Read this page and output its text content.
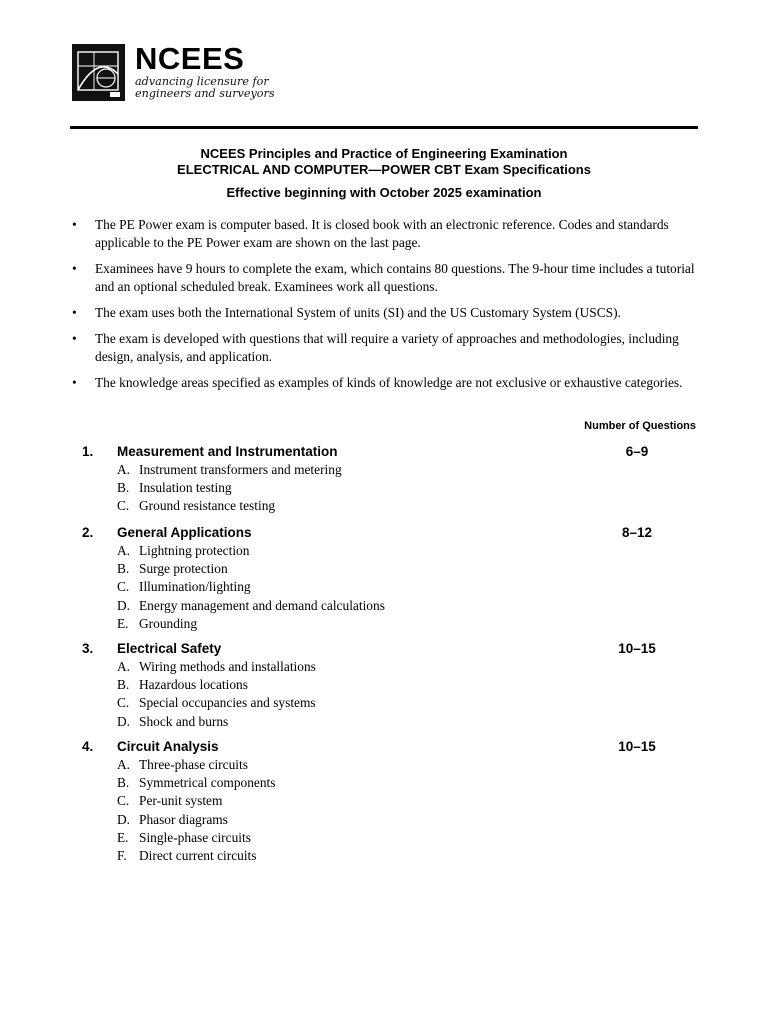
NCEES
advancing licensure for
engineers and surveyors
NCEES Principles and Practice of Engineering Examination
ELECTRICAL AND COMPUTER—POWER CBT Exam Specifications
Effective beginning with October 2025 examination
• The PE Power exam is computer based. It is closed book with an electronic reference. Codes and standards applicable to the PE Power exam are shown on the last page.
• Examinees have 9 hours to complete the exam, which contains 80 questions. The 9-hour time includes a tutorial and an optional scheduled break. Examinees work all questions.
• The exam uses both the International System of units (SI) and the US Customary System (USCS).
• The exam is developed with questions that will require a variety of approaches and methodologies, including design, analysis, and application.
• The knowledge areas specified as examples of kinds of knowledge are not exclusive or exhaustive categories.
Number of Questions
1. Measurement and Instrumentation	6–9
A. Instrument transformers and metering
B. Insulation testing
C. Ground resistance testing
2. General Applications	8–12
A. Lightning protection
B. Surge protection
C. Illumination/lighting
D. Energy management and demand calculations
E. Grounding
3. Electrical Safety	10–15
A. Wiring methods and installations
B. Hazardous locations
C. Special occupancies and systems
D. Shock and burns
4. Circuit Analysis	10–15
A. Three-phase circuits
B. Symmetrical components
C. Per-unit system
D. Phasor diagrams
E. Single-phase circuits
F. Direct current circuits
